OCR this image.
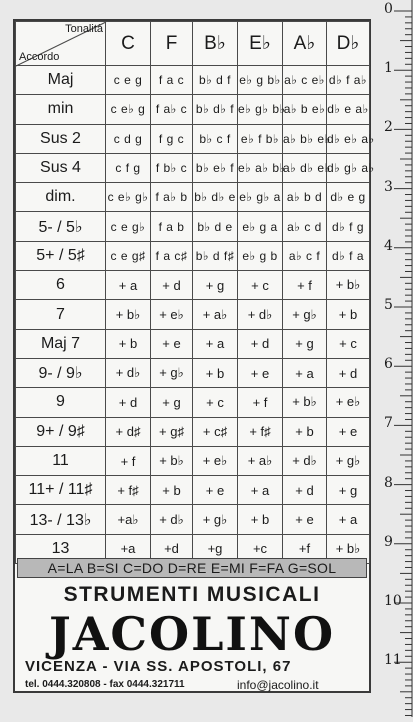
Tonalità
Accordo	C	F	B♭	E♭	A♭	D♭
Maj	c e g	f a c	b♭ d f	e♭ g b♭	a♭ c e♭	d♭ f a♭
min	c e♭ g	f a♭ c	b♭ d♭ f	e♭ g♭ b♭	a♭ b e♭	d♭ e a♭
Sus 2	c d g	f g c	b♭ c f	e♭ f b♭	a♭ b♭ e♭	d♭ e♭ a♭
Sus 4	c f g	f b♭ c	b♭ e♭ f	e♭ a♭ b♭	a♭ d♭ e♭	d♭ g♭ a♭
dim.	c e♭ g♭	f a♭ b	b♭ d♭ e	e♭ g♭ a	a♭ b d	d♭ e g
5- / 5♭	c e g♭	f a b	b♭ d e	e♭ g a	a♭ c d	d♭ f g
5+ / 5♯	c e g♯	f a c♯	b♭ d f♯	e♭ g b	a♭ c f	d♭ f a
6	+ a	+ d	+ g	+ c	+ f	+ b♭
7	+ b♭	+ e♭	+ a♭	+ d♭	+ g♭	+ b
Maj 7	+ b	+ e	+ a	+ d	+ g	+ c
9- / 9♭	+ d♭	+ g♭	+ b	+ e	+ a	+ d
9	+ d	+ g	+ c	+ f	+ b♭	+ e♭
9+ / 9♯	+ d♯	+ g♯	+ c♯	+ f♯	+ b	+ e
11	+ f	+ b♭	+ e♭	+ a♭	+ d♭	+ g♭
11+ / 11♯	+ f♯	+ b	+ e	+ a	+ d	+ g
13- / 13♭	+a♭	+ d♭	+ g♭	+ b	+ e	+ a
13	+a	+d	+g	+c	+f	+ b♭
A=LA B=SI C=DO D=RE E=MI F=FA G=SOL
STRUMENTI MUSICALI
JACOLINO
VICENZA - VIA SS. APOSTOLI, 67
tel. 0444.320808 - fax 0444.321711	info@jacolino.it
0
1
2
3
4
5
6
7
8
9
10
11
